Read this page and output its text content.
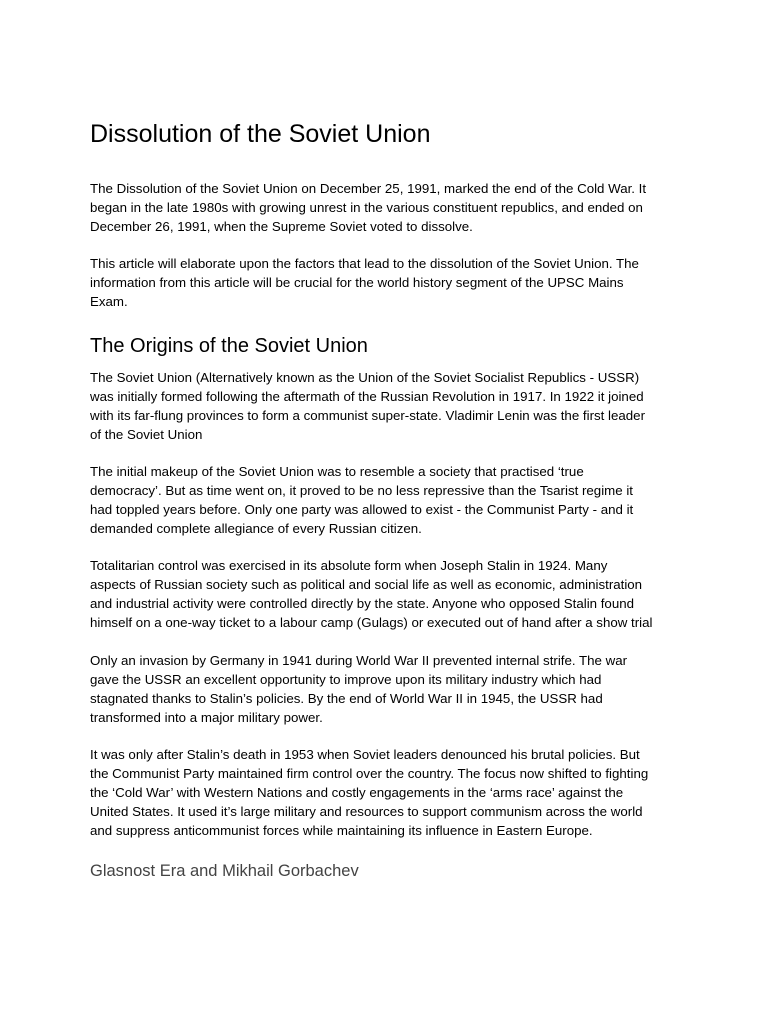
Dissolution of the Soviet Union

The Dissolution of the Soviet Union on December 25, 1991, marked the end of the Cold War. It
began in the late 1980s with growing unrest in the various constituent republics, and ended on
December 26, 1991, when the Supreme Soviet voted to dissolve.

This article will elaborate upon the factors that lead to the dissolution of the Soviet Union. The
information from this article will be crucial for the world history segment of the UPSC Mains
Exam.

The Origins of the Soviet Union

The Soviet Union (Alternatively known as the Union of the Soviet Socialist Republics - USSR)
was initially formed following the aftermath of the Russian Revolution in 1917. In 1922 it joined
with its far-flung provinces to form a communist super-state. Vladimir Lenin was the first leader
of the Soviet Union

The initial makeup of the Soviet Union was to resemble a society that practised ‘true
democracy’. But as time went on, it proved to be no less repressive than the Tsarist regime it
had toppled years before. Only one party was allowed to exist - the Communist Party - and it
demanded complete allegiance of every Russian citizen.

Totalitarian control was exercised in its absolute form when Joseph Stalin in 1924. Many
aspects of Russian society such as political and social life as well as economic, administration
and industrial activity were controlled directly by the state. Anyone who opposed Stalin found
himself on a one-way ticket to a labour camp (Gulags) or executed out of hand after a show trial

Only an invasion by Germany in 1941 during World War II prevented internal strife. The war
gave the USSR an excellent opportunity to improve upon its military industry which had
stagnated thanks to Stalin’s policies. By the end of World War II in 1945, the USSR had
transformed into a major military power.

It was only after Stalin’s death in 1953 when Soviet leaders denounced his brutal policies. But
the Communist Party maintained firm control over the country. The focus now shifted to fighting
the ‘Cold War’ with Western Nations and costly engagements in the ‘arms race’ against the
United States. It used it’s large military and resources to support communism across the world
and suppress anticommunist forces while maintaining its influence in Eastern Europe.

Glasnost Era and Mikhail Gorbachev
